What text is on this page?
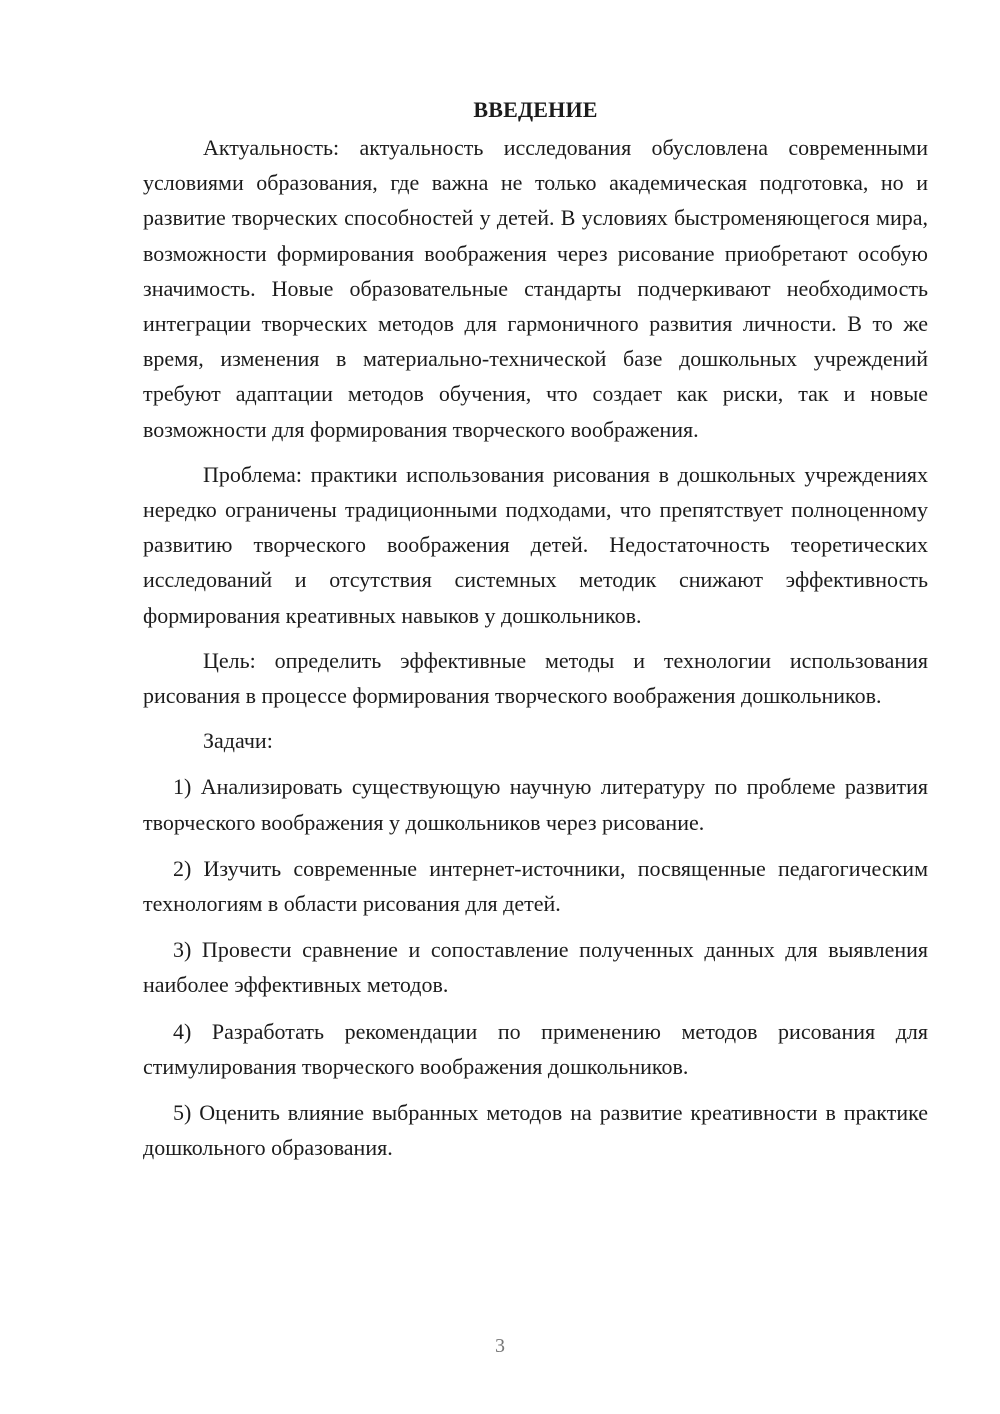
ВВЕДЕНИЕ

Актуальность: актуальность исследования обусловлена современными условиями образования, где важна не только академическая подготовка, но и развитие творческих способностей у детей. В условиях быстроменяющегося мира, возможности формирования воображения через рисование приобретают особую значимость. Новые образовательные стандарты подчеркивают необходимость интеграции творческих методов для гармоничного развития личности. В то же время, изменения в материально-технической базе дошкольных учреждений требуют адаптации методов обучения, что создает как риски, так и новые возможности для формирования творческого воображения.

Проблема: практики использования рисования в дошкольных учреждениях нередко ограничены традиционными подходами, что препятствует полноценному развитию творческого воображения детей. Недостаточность теоретических исследований и отсутствия системных методик снижают эффективность формирования креативных навыков у дошкольников.

Цель: определить эффективные методы и технологии использования рисования в процессе формирования творческого воображения дошкольников.

Задачи:

1) Анализировать существующую научную литературу по проблеме развития творческого воображения у дошкольников через рисование.

2) Изучить современные интернет-источники, посвященные педагогическим технологиям в области рисования для детей.

3) Провести сравнение и сопоставление полученных данных для выявления наиболее эффективных методов.

4) Разработать рекомендации по применению методов рисования для стимулирования творческого воображения дошкольников.

5) Оценить влияние выбранных методов на развитие креативности в практике дошкольного образования.

3
